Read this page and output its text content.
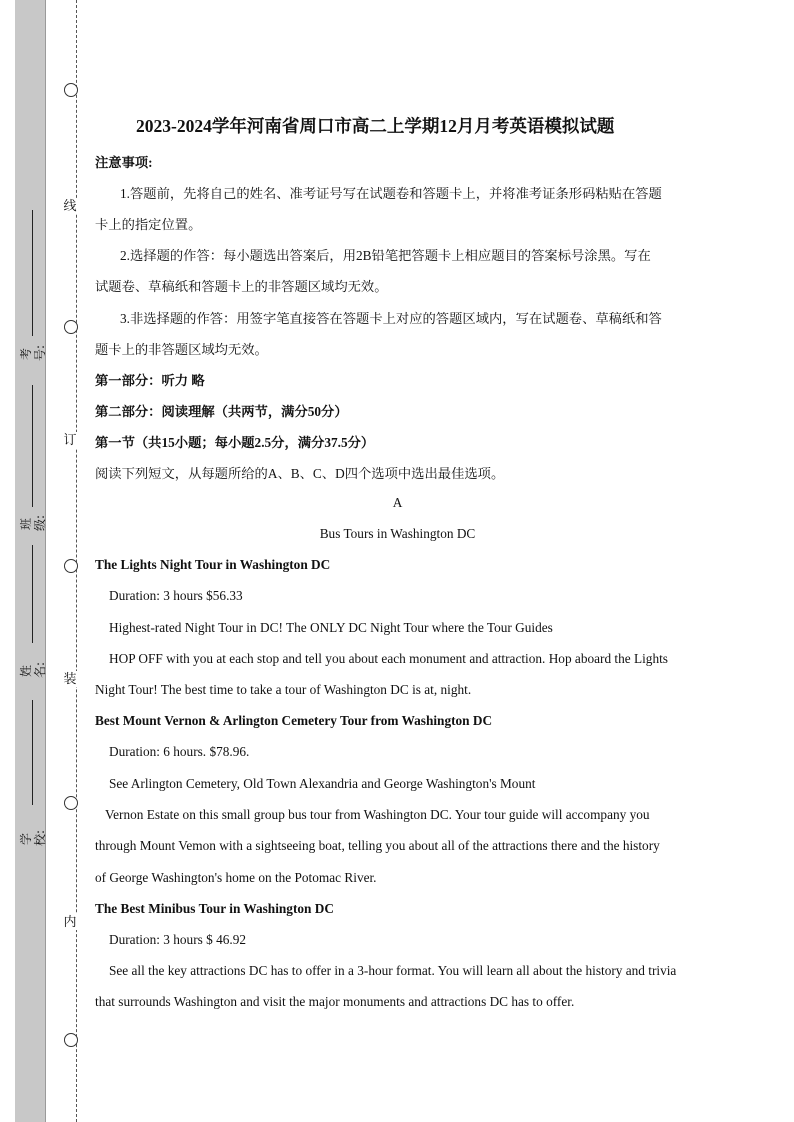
线
订
装
内
考号:
班级:
姓名:
学校:
2023-2024学年河南省周口市高二上学期12月月考英语模拟试题
注意事项:
1.答题前，先将自己的姓名、准考证号写在试题卷和答题卡上，并将准考证条形码粘贴在答题
卡上的指定位置。
2.选择题的作答：每小题选出答案后，用2B铅笔把答题卡上相应题目的答案标号涂黑。写在
试题卷、草稿纸和答题卡上的非答题区域均无效。
3.非选择题的作答：用签字笔直接答在答题卡上对应的答题区域内，写在试题卷、草稿纸和答
题卡上的非答题区域均无效。
第一部分：听力 略
第二部分：阅读理解（共两节，满分50分）
第一节（共15小题；每小题2.5分，满分37.5分）
阅读下列短文，从每题所给的A、B、C、D四个选项中选出最佳选项。
A
Bus Tours in Washington DC
The Lights Night Tour in Washington DC
Duration: 3 hours $56.33
Highest-rated Night Tour in DC! The ONLY DC Night Tour where the Tour Guides
HOP OFF with you at each stop and tell you about each monument and attraction. Hop aboard the Lights
Night Tour! The best time to take a tour of Washington DC is at, night.
Best Mount Vernon & Arlington Cemetery Tour from Washington DC
Duration: 6 hours. $78.96.
See Arlington Cemetery, Old Town Alexandria and George Washington's Mount
Vernon Estate on this small group bus tour from Washington DC. Your tour guide will accompany you
through Mount Vemon with a sightseeing boat, telling you about all of the attractions there and the history
of George Washington's home on the Potomac River.
The Best Minibus Tour in Washington DC
Duration: 3 hours $ 46.92
See all the key attractions DC has to offer in a 3-hour format. You will learn all about the history and trivia
that surrounds Washington and visit the major monuments and attractions DC has to offer.
